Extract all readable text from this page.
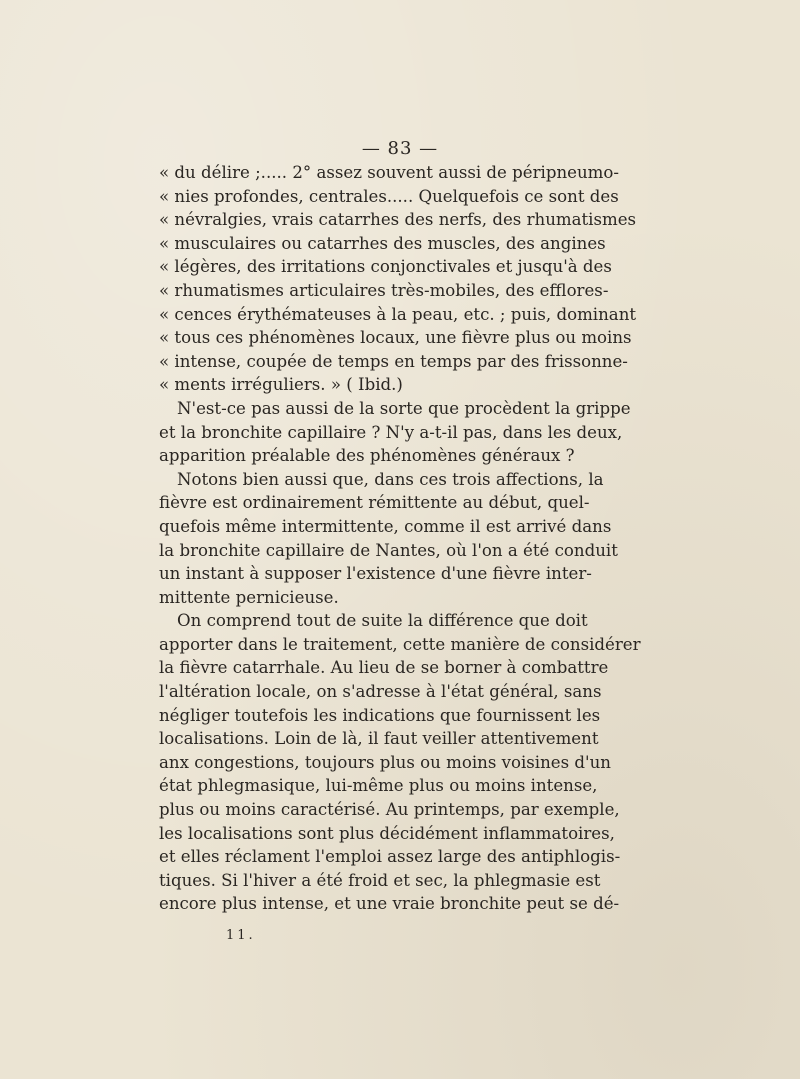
— 83 —
« du délire ;..... 2° assez souvent aussi de péripneumo-
« nies profondes, centrales..... Quelquefois ce sont des
« névralgies, vrais catarrhes des nerfs, des rhumatismes
« musculaires ou catarrhes des muscles, des angines
« légères, des irritations conjonctivales et jusqu'à des
« rhumatismes articulaires très-mobiles, des efflores-
« cences érythémateuses à la peau, etc. ; puis, dominant
« tous ces phénomènes locaux, une fièvre plus ou moins
« intense, coupée de temps en temps par des frissonne-
« ments irréguliers. » ( Ibid.)
N'est-ce pas aussi de la sorte que procèdent la grippe
et la bronchite capillaire ? N'y a-t-il pas, dans les deux,
apparition préalable des phénomènes généraux ?
Notons bien aussi que, dans ces trois affections, la
fièvre est ordinairement rémittente au début, quel-
quefois même intermittente, comme il est arrivé dans
la bronchite capillaire de Nantes, où l'on a été conduit
un instant à supposer l'existence d'une fièvre inter-
mittente pernicieuse.
On comprend tout de suite la différence que doit
apporter dans le traitement, cette manière de considérer
la fièvre catarrhale. Au lieu de se borner à combattre
l'altération locale, on s'adresse à l'état général, sans
négliger toutefois les indications que fournissent les
localisations. Loin de là, il faut veiller attentivement
anx congestions, toujours plus ou moins voisines d'un
état phlegmasique, lui-même plus ou moins intense,
plus ou moins caractérisé. Au printemps, par exemple,
les localisations sont plus décidément inflammatoires,
et elles réclament l'emploi assez large des antiphlogis-
tiques. Si l'hiver a été froid et sec, la phlegmasie est
encore plus intense, et une vraie bronchite peut se dé-
11.
